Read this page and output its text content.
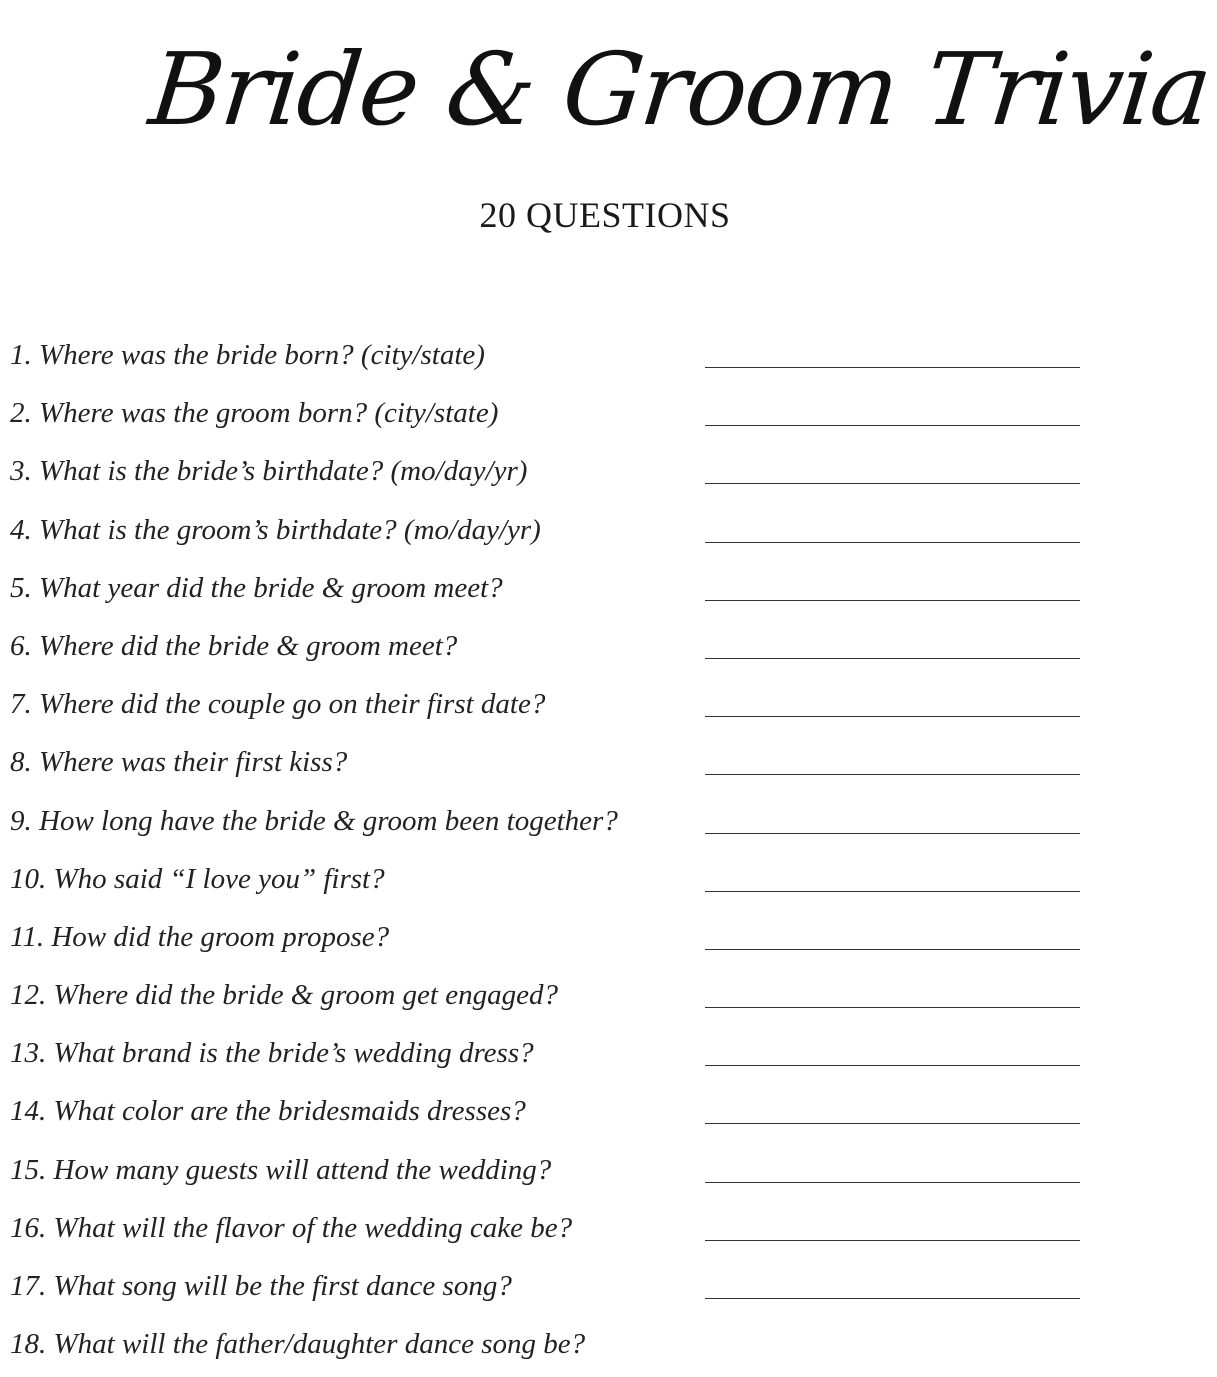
Bride & Groom Trivia
20 QUESTIONS
1. Where was the bride born? (city/state)
2. Where was the groom born? (city/state)
3. What is the bride’s birthdate? (mo/day/yr)
4. What is the groom’s birthdate? (mo/day/yr)
5. What year did the bride & groom meet?
6. Where did the bride & groom meet?
7. Where did the couple go on their first date?
8. Where was their first kiss?
9. How long have the bride & groom been together?
10. Who said “I love you” first?
11. How did the groom propose?
12. Where did the bride & groom get engaged?
13. What brand is the bride’s wedding dress?
14. What color are the bridesmaids dresses?
15. How many guests will attend the wedding?
16. What will the flavor of the wedding cake be?
17. What song will be the first dance song?
18. What will the father/daughter dance song be?
